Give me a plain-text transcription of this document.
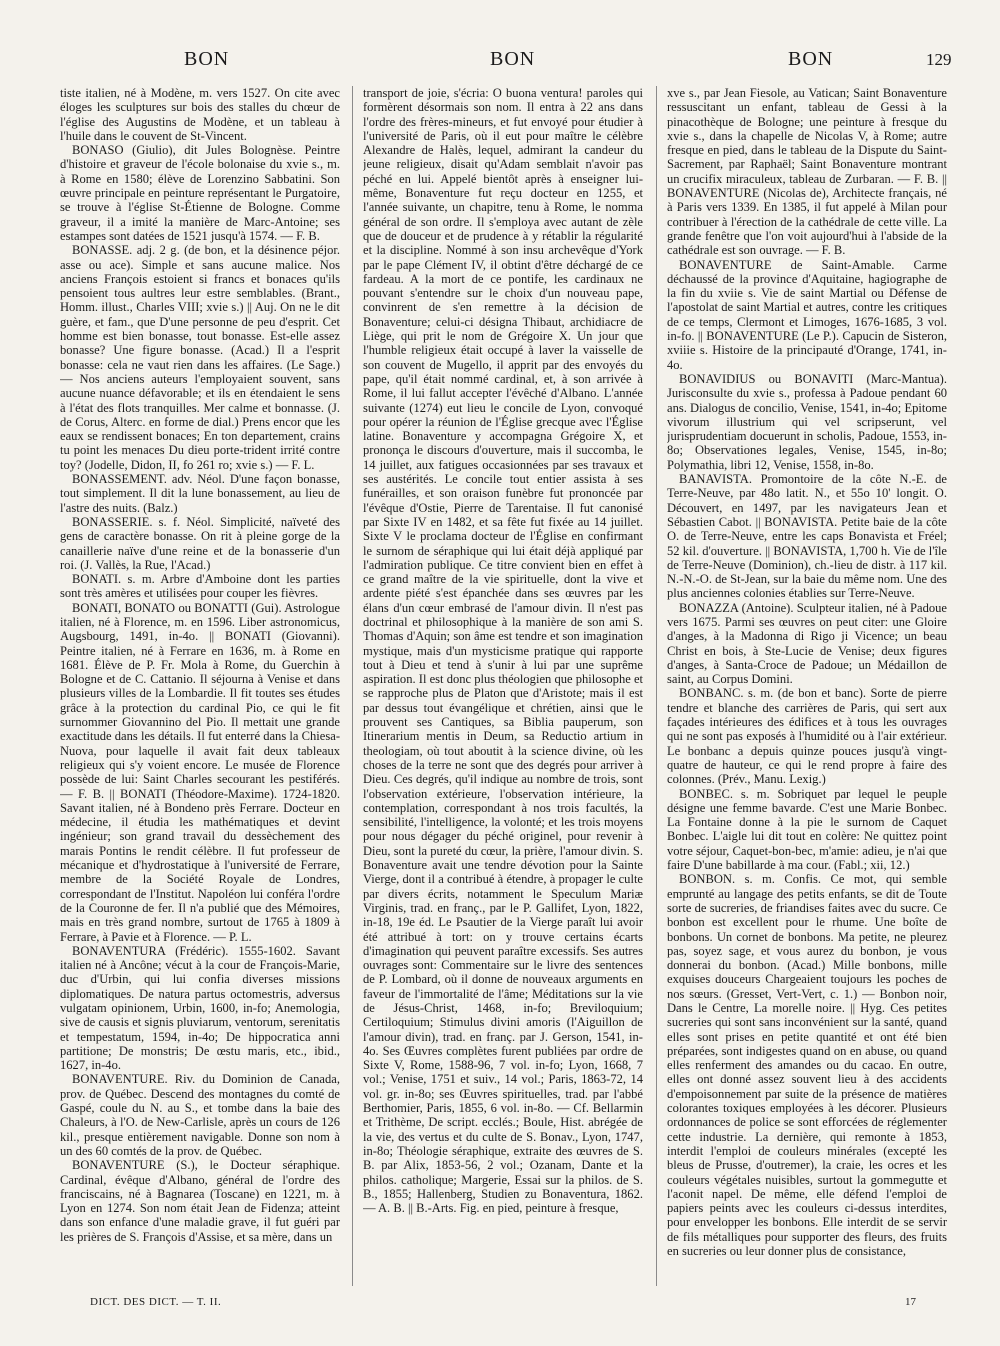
BON	BON	BON	129

tiste italien, né à Modène, m. vers 1527. On cite avec éloges les sculptures sur bois des stalles du chœur de l'église des Augustins de Modène, et un tableau à l'huile dans le couvent de St-Vincent.

BONASO (Giulio), dit Jules Bolognèse. Peintre d'histoire et graveur de l'école bolonaise du xvie s., m. à Rome en 1580; élève de Lorenzino Sabbatini. Son œuvre principale en peinture représentant le Purgatoire, se trouve à l'église St-Étienne de Bologne. Comme graveur, il a imité la manière de Marc-Antoine; ses estampes sont datées de 1521 jusqu'à 1574. — F. B.

BONASSE. adj. 2 g. (de bon, et la désinence péjor. asse ou ace). Simple et sans aucune malice. Nos anciens François estoient si francs et bonaces qu'ils pensoient tous aultres leur estre semblables. (Brant., Homm. illust., Charles VIII; xvie s.) || Auj. On ne le dit guère, et fam., que D'une personne de peu d'esprit. Cet homme est bien bonasse, tout bonasse. Est-elle assez bonasse? Une figure bonasse. (Acad.) Il a l'esprit bonasse: cela ne vaut rien dans les affaires. (Le Sage.) — Nos anciens auteurs l'employaient souvent, sans aucune nuance défavorable; et ils en étendaient le sens à l'état des flots tranquilles. Mer calme et bonnasse. (J. de Corus, Alterc. en forme de dial.) Prens encor que les eaux se rendissent bonaces; En ton departement, crains tu point les menaces Du dieu porte-trident irrité contre toy? (Jodelle, Didon, II, fo 261 ro; xvie s.) — F. L.

BONASSEMENT. adv. Néol. D'une façon bonasse, tout simplement. Il dit la lune bonassement, au lieu de l'astre des nuits. (Balz.)

BONASSERIE. s. f. Néol. Simplicité, naïveté des gens de caractère bonasse. On rit à pleine gorge de la canaillerie naïve d'une reine et de la bonasserie d'un roi. (J. Vallès, la Rue, l'Acad.)

BONATI. s. m. Arbre d'Amboine dont les parties sont très amères et utilisées pour couper les fièvres.

BONATI, BONATO ou BONATTI (Gui). Astrologue italien, né à Florence, m. en 1596. Liber astronomicus, Augsbourg, 1491, in-4o. || BONATI (Giovanni). Peintre italien, né à Ferrare en 1636, m. à Rome en 1681. Élève de P. Fr. Mola à Rome, du Guerchin à Bologne et de C. Cattanio. Il séjourna à Venise et dans plusieurs villes de la Lombardie. Il fit toutes ses études grâce à la protection du cardinal Pio, ce qui le fit surnommer Giovannino del Pio. Il mettait une grande exactitude dans les détails. Il fut enterré dans la Chiesa-Nuova, pour laquelle il avait fait deux tableaux religieux qui s'y voient encore. Le musée de Florence possède de lui: Saint Charles secourant les pestiférés. — F. B. || BONATI (Théodore-Maxime). 1724-1820. Savant italien, né à Bondeno près Ferrare. Docteur en médecine, il étudia les mathématiques et devint ingénieur; son grand travail du dessèchement des marais Pontins le rendit célèbre. Il fut professeur de mécanique et d'hydrostatique à l'université de Ferrare, membre de la Société Royale de Londres, correspondant de l'Institut. Napoléon lui conféra l'ordre de la Couronne de fer. Il n'a publié que des Mémoires, mais en très grand nombre, surtout de 1765 à 1809 à Ferrare, à Pavie et à Florence. — P. L.

BONAVENTURA (Frédéric). 1555-1602. Savant italien né à Ancône; vécut à la cour de François-Marie, duc d'Urbin, qui lui confia diverses missions diplomatiques. De natura partus octomestris, adversus vulgatam opinionem, Urbin, 1600, in-fo; Anemologia, sive de causis et signis pluviarum, ventorum, serenitatis et tempestatum, 1594, in-4o; De hippocratica anni partitione; De monstris; De œstu maris, etc., ibid., 1627, in-4o.

BONAVENTURE. Riv. du Dominion de Canada, prov. de Québec. Descend des montagnes du comté de Gaspé, coule du N. au S., et tombe dans la baie des Chaleurs, à l'O. de New-Carlisle, après un cours de 126 kil., presque entièrement navigable. Donne son nom à un des 60 comtés de la prov. de Québec.

BONAVENTURE (S.), le Docteur séraphique. Cardinal, évêque d'Albano, général de l'ordre des franciscains, né à Bagnarea (Toscane) en 1221, m. à Lyon en 1274. Son nom était Jean de Fidenza; atteint dans son enfance d'une maladie grave, il fut guéri par les prières de S. François d'Assise, et sa mère, dans un

transport de joie, s'écria: O buona ventura! paroles qui formèrent désormais son nom. Il entra à 22 ans dans l'ordre des frères-mineurs, et fut envoyé pour étudier à l'université de Paris, où il eut pour maître le célèbre Alexandre de Halès, lequel, admirant la candeur du jeune religieux, disait qu'Adam semblait n'avoir pas péché en lui. Appelé bientôt après à enseigner lui-même, Bonaventure fut reçu docteur en 1255, et l'année suivante, un chapitre, tenu à Rome, le nomma général de son ordre. Il s'employa avec autant de zèle que de douceur et de prudence à y rétablir la régularité et la discipline. Nommé à son insu archevêque d'York par le pape Clément IV, il obtint d'être déchargé de ce fardeau. A la mort de ce pontife, les cardinaux ne pouvant s'entendre sur le choix d'un nouveau pape, convinrent de s'en remettre à la décision de Bonaventure; celui-ci désigna Thibaut, archidiacre de Liège, qui prit le nom de Grégoire X. Un jour que l'humble religieux était occupé à laver la vaisselle de son couvent de Mugello, il apprit par des envoyés du pape, qu'il était nommé cardinal, et, à son arrivée à Rome, il lui fallut accepter l'évêché d'Albano. L'année suivante (1274) eut lieu le concile de Lyon, convoqué pour opérer la réunion de l'Église grecque avec l'Église latine. Bonaventure y accompagna Grégoire X, et prononça le discours d'ouverture, mais il succomba, le 14 juillet, aux fatigues occasionnées par ses travaux et ses austérités. Le concile tout entier assista à ses funérailles, et son oraison funèbre fut prononcée par l'évêque d'Ostie, Pierre de Tarentaise. Il fut canonisé par Sixte IV en 1482, et sa fête fut fixée au 14 juillet. Sixte V le proclama docteur de l'Église en confirmant le surnom de séraphique qui lui était déjà appliqué par l'admiration publique. Ce titre convient bien en effet à ce grand maître de la vie spirituelle, dont la vive et ardente piété s'est épanchée dans ses œuvres par les élans d'un cœur embrasé de l'amour divin. Il n'est pas doctrinal et philosophique à la manière de son ami S. Thomas d'Aquin; son âme est tendre et son imagination mystique, mais d'un mysticisme pratique qui rapporte tout à Dieu et tend à s'unir à lui par une suprême aspiration. Il est donc plus théologien que philosophe et se rapproche plus de Platon que d'Aristote; mais il est par dessus tout évangélique et chrétien, ainsi que le prouvent ses Cantiques, sa Biblia pauperum, son Itinerarium mentis in Deum, sa Reductio artium in theologiam, où tout aboutit à la science divine, où les choses de la terre ne sont que des degrés pour arriver à Dieu. Ces degrés, qu'il indique au nombre de trois, sont l'observation extérieure, l'observation intérieure, la contemplation, correspondant à nos trois facultés, la sensibilité, l'intelligence, la volonté; et les trois moyens pour nous dégager du péché originel, pour revenir à Dieu, sont la pureté du cœur, la prière, l'amour divin. S. Bonaventure avait une tendre dévotion pour la Sainte Vierge, dont il a contribué à étendre, à propager le culte par divers écrits, notamment le Speculum Mariæ Virginis, trad. en franç., par le P. Gallifet, Lyon, 1822, in-18, 19e éd. Le Psautier de la Vierge paraît lui avoir été attribué à tort: on y trouve certains écarts d'imagination qui peuvent paraître excessifs. Ses autres ouvrages sont: Commentaire sur le livre des sentences de P. Lombard, où il donne de nouveaux arguments en faveur de l'immortalité de l'âme; Méditations sur la vie de Jésus-Christ, 1468, in-fo; Breviloquium; Certiloquium; Stimulus divini amoris (l'Aiguillon de l'amour divin), trad. en franç. par J. Gerson, 1541, in-4o. Ses Œuvres complètes furent publiées par ordre de Sixte V, Rome, 1588-96, 7 vol. in-fo; Lyon, 1668, 7 vol.; Venise, 1751 et suiv., 14 vol.; Paris, 1863-72, 14 vol. gr. in-8o; ses Œuvres spirituelles, trad. par l'abbé Berthomier, Paris, 1855, 6 vol. in-8o. — Cf. Bellarmin et Trithème, De script. ecclés.; Boule, Hist. abrégée de la vie, des vertus et du culte de S. Bonav., Lyon, 1747, in-8o; Théologie séraphique, extraite des œuvres de S. B. par Alix, 1853-56, 2 vol.; Ozanam, Dante et la philos. catholique; Margerie, Essai sur la philos. de S. B., 1855; Hallenberg, Studien zu Bonaventura, 1862. — A. B. || B.-Arts. Fig. en pied, peinture à fresque,

xve s., par Jean Fiesole, au Vatican; Saint Bonaventure ressuscitant un enfant, tableau de Gessi à la pinacothèque de Bologne; une peinture à fresque du xvie s., dans la chapelle de Nicolas V, à Rome; autre fresque en pied, dans le tableau de la Dispute du Saint-Sacrement, par Raphaël; Saint Bonaventure montrant un crucifix miraculeux, tableau de Zurbaran. — F. B. || BONAVENTURE (Nicolas de), Architecte français, né à Paris vers 1339. En 1385, il fut appelé à Milan pour contribuer à l'érection de la cathédrale de cette ville. La grande fenêtre que l'on voit aujourd'hui à l'abside de la cathédrale est son ouvrage. — F. B.

BONAVENTURE de Saint-Amable. Carme déchaussé de la province d'Aquitaine, hagiographe de la fin du xviie s. Vie de saint Martial ou Défense de l'apostolat de saint Martial et autres, contre les critiques de ce temps, Clermont et Limoges, 1676-1685, 3 vol. in-fo. || BONAVENTURE (Le P.). Capucin de Sisteron, xviiie s. Histoire de la principauté d'Orange, 1741, in-4o.

BONAVIDIUS ou BONAVITI (Marc-Mantua). Jurisconsulte du xvie s., professa à Padoue pendant 60 ans. Dialogus de concilio, Venise, 1541, in-4o; Epitome vivorum illustrium qui vel scripserunt, vel jurisprudentiam docuerunt in scholis, Padoue, 1553, in-8o; Observationes legales, Venise, 1545, in-8o; Polymathia, libri 12, Venise, 1558, in-8o.

BANAVISTA. Promontoire de la côte N.-E. de Terre-Neuve, par 48o latit. N., et 55o 10' longit. O. Découvert, en 1497, par les navigateurs Jean et Sébastien Cabot. || BONAVISTA. Petite baie de la côte O. de Terre-Neuve, entre les caps Bonavista et Fréel; 52 kil. d'ouverture. || BONAVISTA, 1,700 h. Vie de l'île de Terre-Neuve (Dominion), ch.-lieu de distr. à 117 kil. N.-N.-O. de St-Jean, sur la baie du même nom. Une des plus anciennes colonies établies sur Terre-Neuve.

BONAZZA (Antoine). Sculpteur italien, né à Padoue vers 1675. Parmi ses œuvres on peut citer: une Gloire d'anges, à la Madonna di Rigo ji Vicence; un beau Christ en bois, à Ste-Lucie de Venise; deux figures d'anges, à Santa-Croce de Padoue; un Médaillon de saint, au Corpus Domini.

BONBANC. s. m. (de bon et banc). Sorte de pierre tendre et blanche des carrières de Paris, qui sert aux façades intérieures des édifices et à tous les ouvrages qui ne sont pas exposés à l'humidité ou à l'air extérieur. Le bonbanc a depuis quinze pouces jusqu'à vingt-quatre de hauteur, ce qui le rend propre à faire des colonnes. (Prév., Manu. Lexig.)

BONBEC. s. m. Sobriquet par lequel le peuple désigne une femme bavarde. C'est une Marie Bonbec. La Fontaine donne à la pie le surnom de Caquet Bonbec. L'aigle lui dit tout en colère: Ne quittez point votre séjour, Caquet-bon-bec, m'amie: adieu, je n'ai que faire D'une babillarde à ma cour. (Fabl.; xii, 12.)

BONBON. s. m. Confis. Ce mot, qui semble emprunté au langage des petits enfants, se dit de Toute sorte de sucreries, de friandises faites avec du sucre. Ce bonbon est excellent pour le rhume. Une boîte de bonbons. Un cornet de bonbons. Ma petite, ne pleurez pas, soyez sage, et vous aurez du bonbon, je vous donnerai du bonbon. (Acad.) Mille bonbons, mille exquises douceurs Chargeaient toujours les poches de nos sœurs. (Gresset, Vert-Vert, c. 1.) — Bonbon noir, Dans le Centre, La morelle noire. || Hyg. Ces petites sucreries qui sont sans inconvénient sur la santé, quand elles sont prises en petite quantité et ont été bien préparées, sont indigestes quand on en abuse, ou quand elles renferment des amandes ou du cacao. En outre, elles ont donné assez souvent lieu à des accidents d'empoisonnement par suite de la présence de matières colorantes toxiques employées à les décorer. Plusieurs ordonnances de police se sont efforcées de réglementer cette industrie. La dernière, qui remonte à 1853, interdit l'emploi de couleurs minérales (excepté les bleus de Prusse, d'outremer), la craie, les ocres et les couleurs végétales nuisibles, surtout la gommegutte et l'aconit napel. De même, elle défend l'emploi de papiers peints avec les couleurs ci-dessus interdites, pour envelopper les bonbons. Elle interdit de se servir de fils métalliques pour supporter des fleurs, des fruits en sucreries ou leur donner plus de consistance,

DICT. DES DICT. — T. II.	17
